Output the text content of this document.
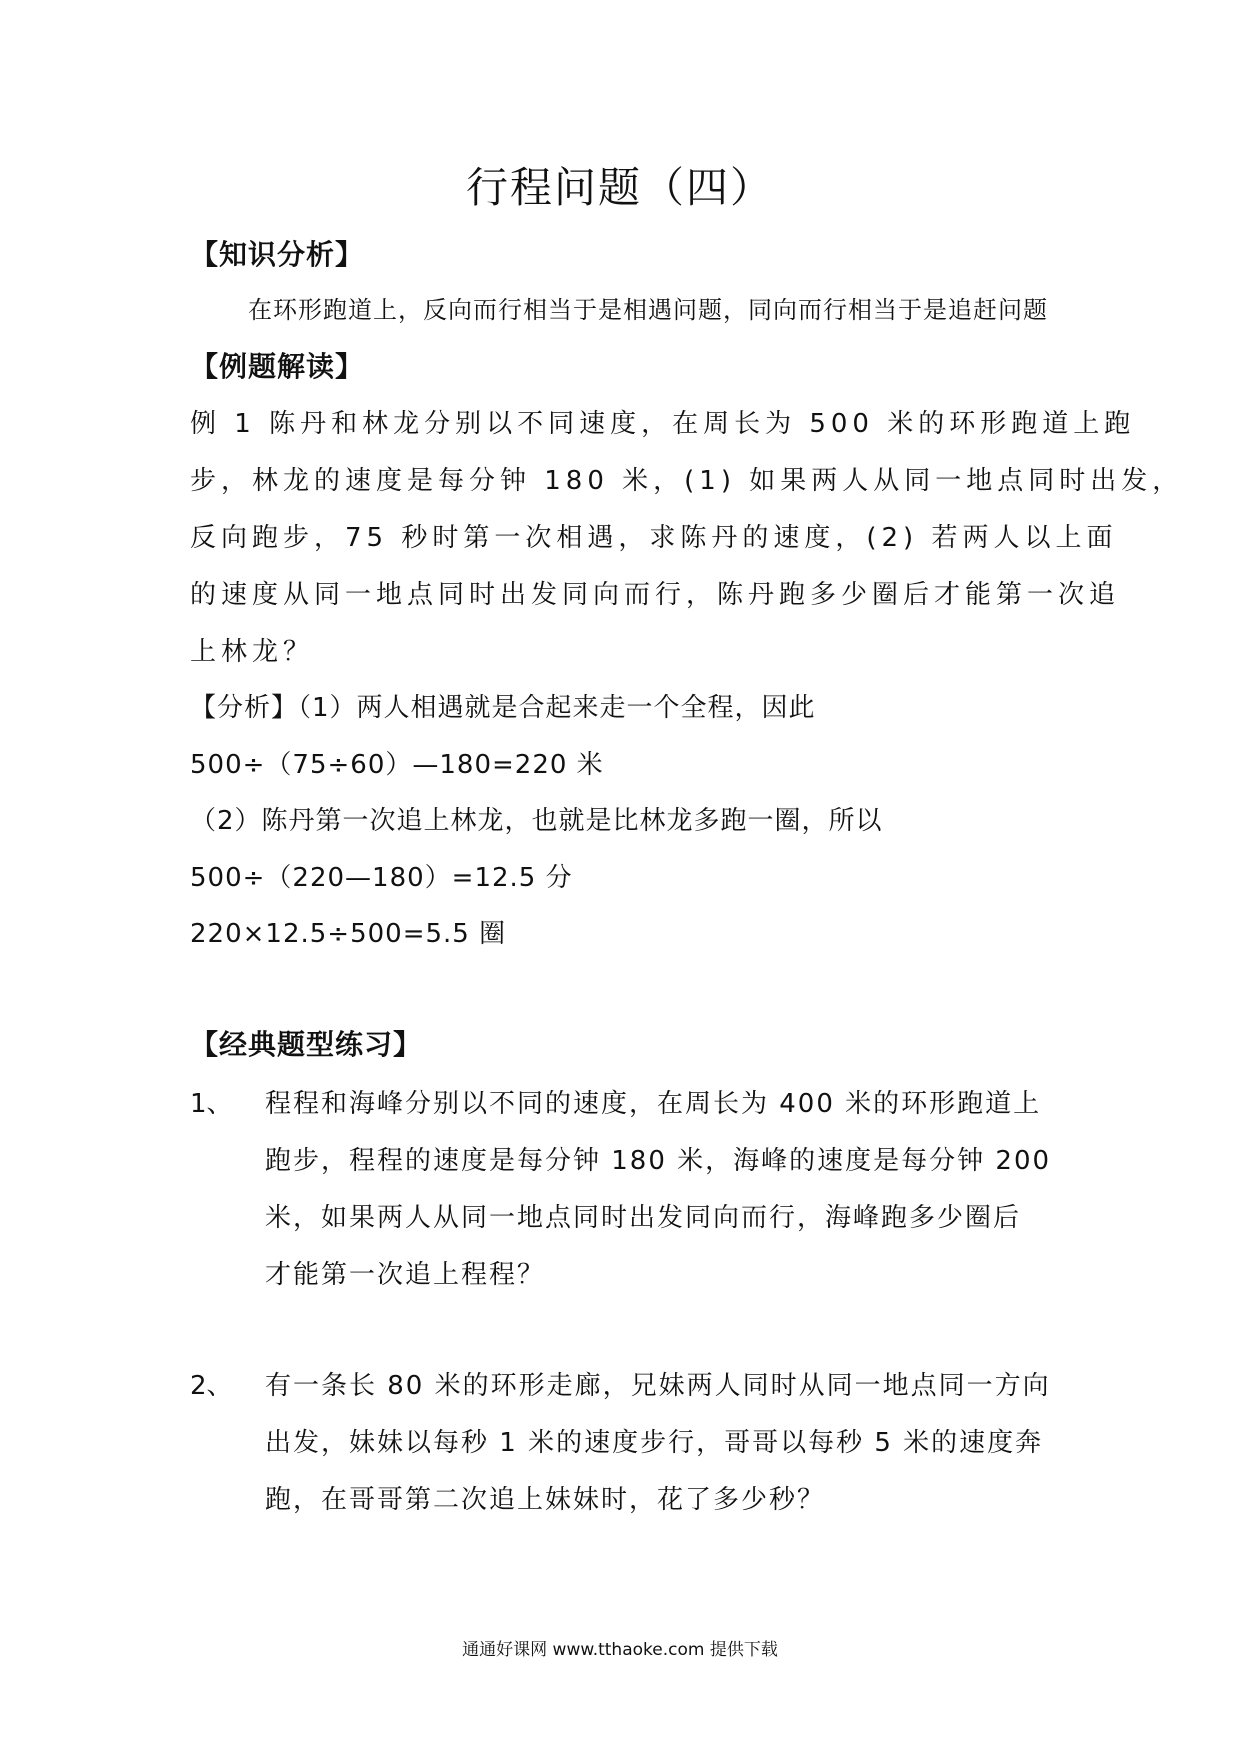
行程问题（四）
【知识分析】
在环形跑道上，反向而行相当于是相遇问题，同向而行相当于是追赶问题
【例题解读】
例 1 陈丹和林龙分别以不同速度，在周长为 500 米的环形跑道上跑
步，林龙的速度是每分钟 180 米，(1) 如果两人从同一地点同时出发，
反向跑步，75 秒时第一次相遇，求陈丹的速度，(2) 若两人以上面
的速度从同一地点同时出发同向而行，陈丹跑多少圈后才能第一次追
上林龙？
【分析】（1）两人相遇就是合起来走一个全程，因此
500÷（75÷60）—180=220 米
（2）陈丹第一次追上林龙，也就是比林龙多跑一圈，所以
500÷（220—180）=12.5 分
220×12.5÷500=5.5 圈
【经典题型练习】
1、 程程和海峰分别以不同的速度，在周长为 400 米的环形跑道上
跑步，程程的速度是每分钟 180 米，海峰的速度是每分钟 200
米，如果两人从同一地点同时出发同向而行，海峰跑多少圈后
才能第一次追上程程？
2、 有一条长 80 米的环形走廊，兄妹两人同时从同一地点同一方向
出发，妹妹以每秒 1 米的速度步行，哥哥以每秒 5 米的速度奔
跑，在哥哥第二次追上妹妹时，花了多少秒？
通通好课网 www.tthaoke.com 提供下载
